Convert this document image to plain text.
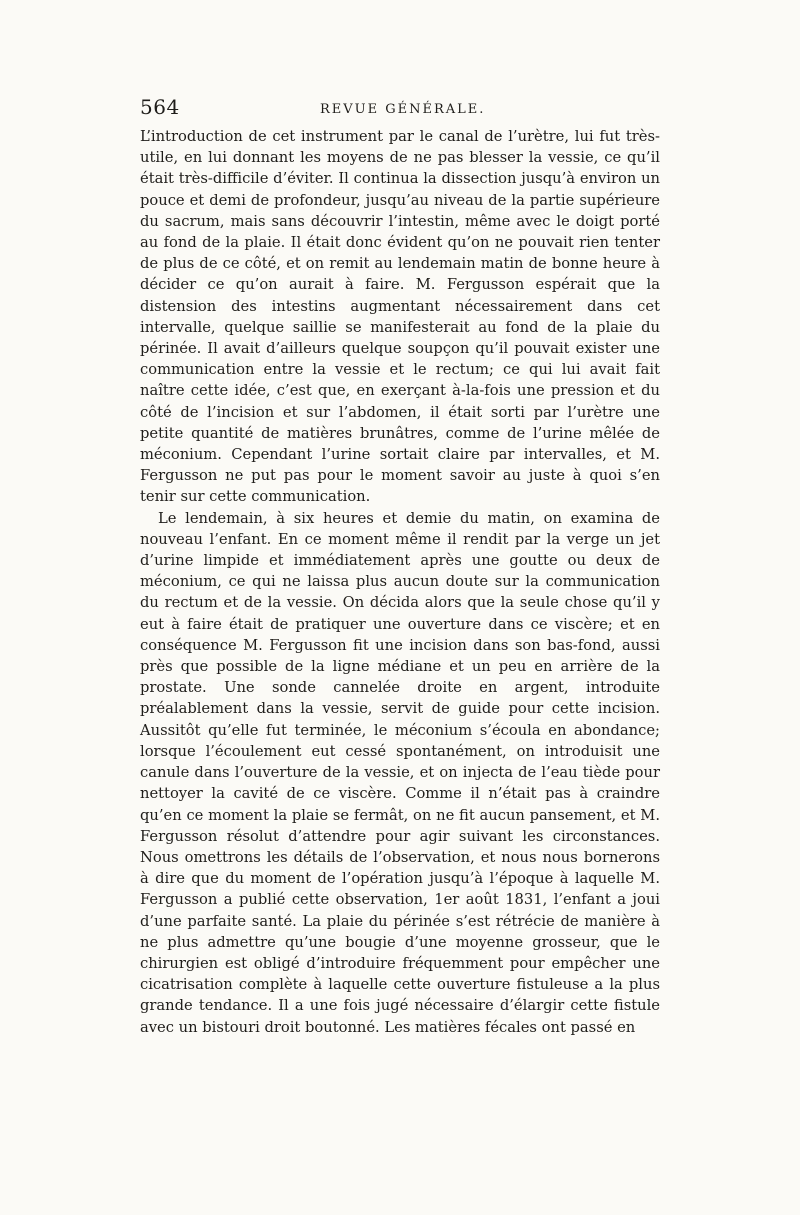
564	REVUE GÉNÉRALE.

L’introduction de cet instrument par le canal de l’urètre, lui fut très-utile, en lui donnant les moyens de ne pas blesser la vessie, ce qu’il était très-difficile d’éviter. Il continua la dissection jusqu’à environ un pouce et demi de profondeur, jusqu’au niveau de la partie supérieure du sacrum, mais sans découvrir l’intestin, même avec le doigt porté au fond de la plaie. Il était donc évident qu’on ne pouvait rien tenter de plus de ce côté, et on remit au lendemain matin de bonne heure à décider ce qu’on aurait à faire. M. Fergusson espérait que la distension des intestins augmentant nécessairement dans cet intervalle, quelque saillie se manifesterait au fond de la plaie du périnée. Il avait d’ailleurs quelque soupçon qu’il pouvait exister une communication entre la vessie et le rectum; ce qui lui avait fait naître cette idée, c’est que, en exerçant à-la-fois une pression et du côté de l’incision et sur l’abdomen, il était sorti par l’urètre une petite quantité de matières brunâtres, comme de l’urine mêlée de méconium. Cependant l’urine sortait claire par intervalles, et M. Fergusson ne put pas pour le moment savoir au juste à quoi s’en tenir sur cette communication.

Le lendemain, à six heures et demie du matin, on examina de nouveau l’enfant. En ce moment même il rendit par la verge un jet d’urine limpide et immédiatement après une goutte ou deux de méconium, ce qui ne laissa plus aucun doute sur la communication du rectum et de la vessie. On décida alors que la seule chose qu’il y eut à faire était de pratiquer une ouverture dans ce viscère; et en conséquence M. Fergusson fit une incision dans son bas-fond, aussi près que possible de la ligne médiane et un peu en arrière de la prostate. Une sonde cannelée droite en argent, introduite préalablement dans la vessie, servit de guide pour cette incision. Aussitôt qu’elle fut terminée, le méconium s’écoula en abondance; lorsque l’écoulement eut cessé spontanément, on introduisit une canule dans l’ouverture de la vessie, et on injecta de l’eau tiède pour nettoyer la cavité de ce viscère. Comme il n’était pas à craindre qu’en ce moment la plaie se fermât, on ne fit aucun pansement, et M. Fergusson résolut d’attendre pour agir suivant les circonstances. Nous omettrons les détails de l’observation, et nous nous bornerons à dire que du moment de l’opération jusqu’à l’époque à laquelle M. Fergusson a publié cette observation, 1er août 1831, l’enfant a joui d’une parfaite santé. La plaie du périnée s’est rétrécie de manière à ne plus admettre qu’une bougie d’une moyenne grosseur, que le chirurgien est obligé d’introduire fréquemment pour empêcher une cicatrisation complète à laquelle cette ouverture fistuleuse a la plus grande tendance. Il a une fois jugé nécessaire d’élargir cette fistule avec un bistouri droit boutonné. Les matières fécales ont passé en
